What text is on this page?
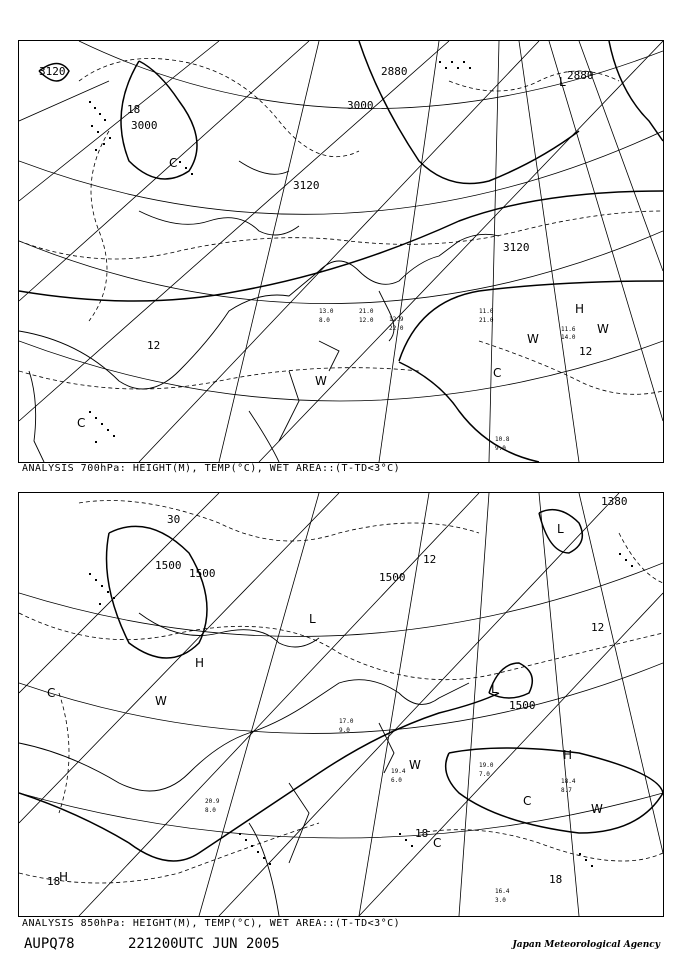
3120
3000
3000
2880	2880
3120
3120
12	12
18
H
L
C
W
C
W
W
C
11.0
21.0
11.6
14.0
10.8
9.0
12.9
22.0
13.0
8.0
21.0
12.0
ANALYSIS 700hPa: HEIGHT(M), TEMP(°C), WET AREA::(T-TD<3°C)
1500
1500
1500
1500
1380
12
12
18
18
30
18
H
L
L
C
W
W
H
W
C
C
L
H
19.0
7.0
18.4
8.7
16.4
3.0
19.4
6.0
20.9
8.0
17.0
9.0
ANALYSIS 850hPa: HEIGHT(M), TEMP(°C), WET AREA::(T-TD<3°C)
AUPQ78	221200UTC JUN 2005	Japan Meteorological Agency
